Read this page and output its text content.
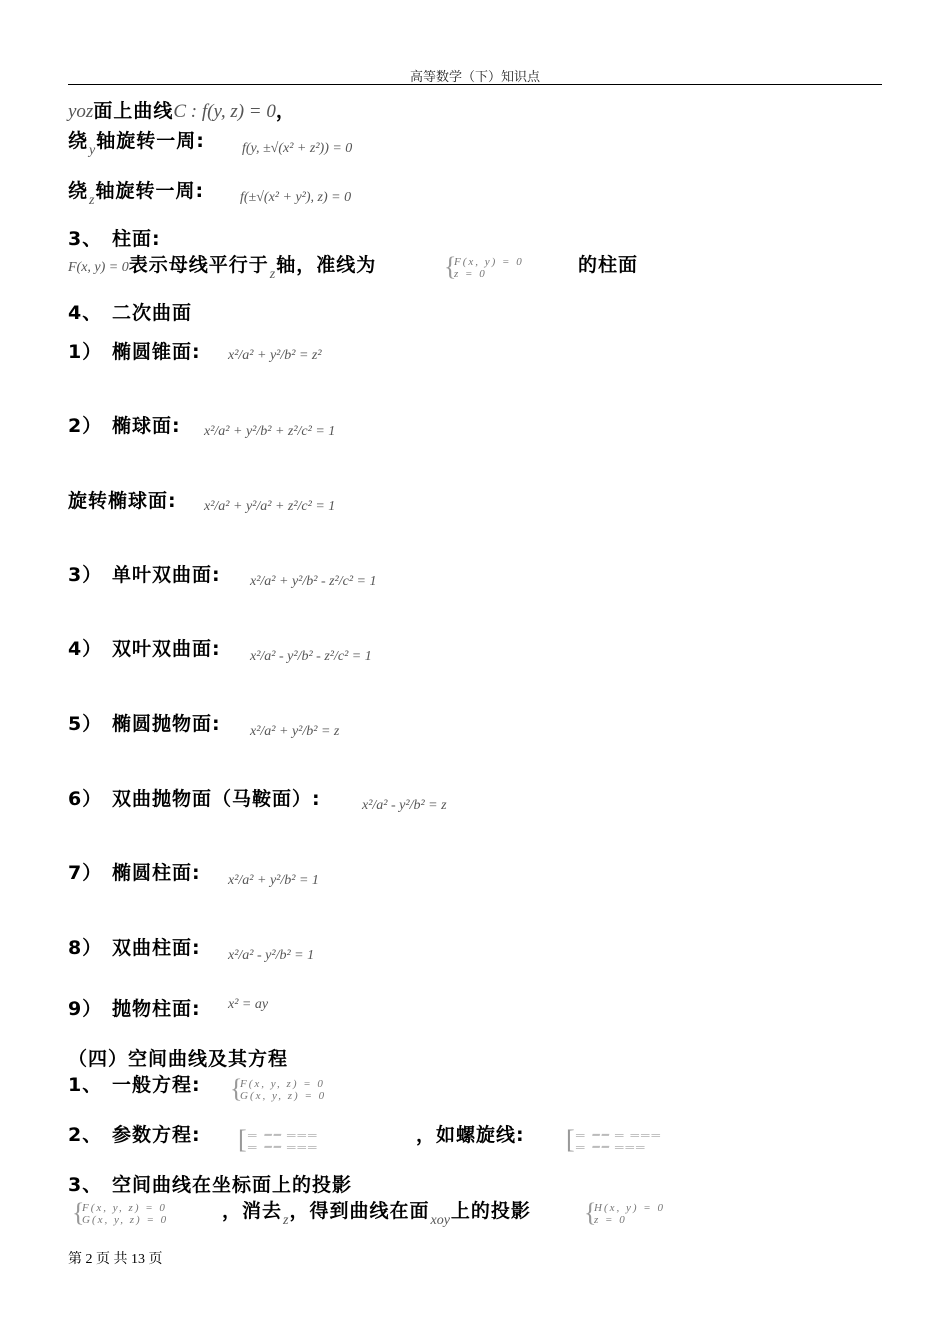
高等数学（下）知识点
yoz面上曲线C : f(y, z) = 0，
绕$_y$轴旋转一周:	f(y, ±√(x² + z²)) = 0
绕$_z$轴旋转一周:	f(±√(x² + y²), z) = 0
3、 柱面:
F(x, y) = 0表示母线平行于$_z$轴，准线为	{
F(x, y) = 0
z = 0	的柱面
4、 二次曲面
1） 椭圆锥面: x²/a² + y²/b² = z²
2） 椭球面: x²/a² + y²/b² + z²/c² = 1
旋转椭球面: x²/a² + y²/a² + z²/c² = 1
3） 单叶双曲面: x²/a² + y²/b² - z²/c² = 1
4） 双叶双曲面: x²/a² - y²/b² - z²/c² = 1
5） 椭圆抛物面: x²/a² + y²/b² = z
6） 双曲抛物面（马鞍面）:	x²/a² - y²/b² = z
7） 椭圆柱面: x²/a² + y²/b² = 1
8） 双曲柱面: x²/a² - y²/b² = 1
9） 抛物柱面: x² = ay
（四）空间曲线及其方程
1、 一般方程: {
F(x, y, z) = 0
G(x, y, z) = 0
2、 参数方程: [ ═ ━━ ═══
═ ━━ ═══
，如螺旋线: [ ═ ━━ ═ ═══
═ ━━ ═══
3、 空间曲线在坐标面上的投影
{
F(x, y, z) = 0
G(x, y, z) = 0	，消去$_z$，得到曲线在面$_{xoy}$上的投影 {
H(x, y) = 0
z = 0
第 2 页 共 13 页
